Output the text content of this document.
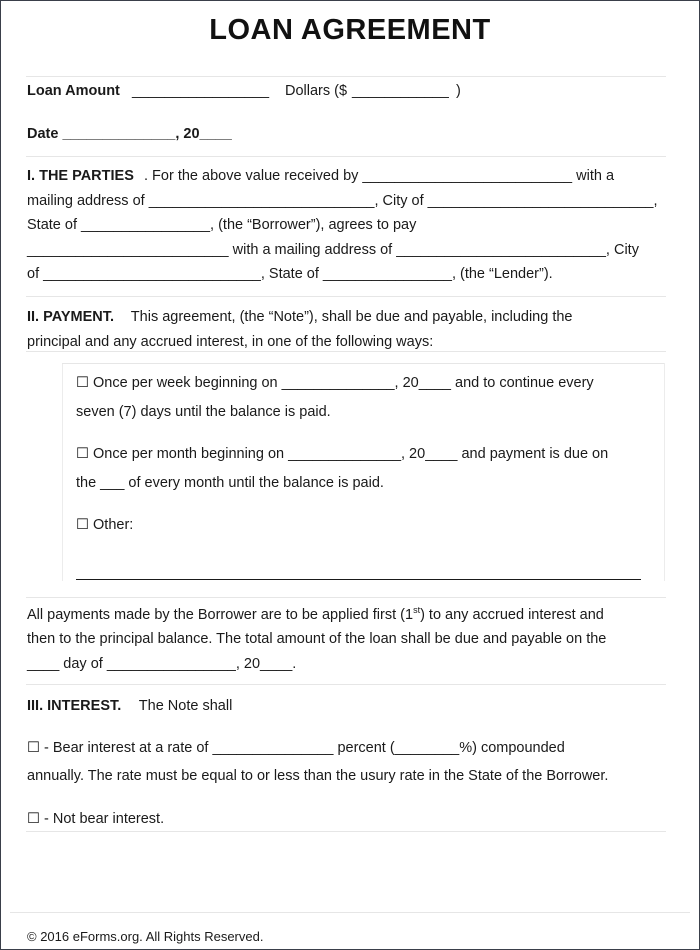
LOAN AGREEMENT
Loan Amount _________________ Dollars ($ ____________ )
Date ______________, 20____
I. THE PARTIES . For the above value received by __________________________ with a
mailing address of ____________________________, City of ____________________________,
State of ________________, (the “Borrower”), agrees to pay
_________________________ with a mailing address of __________________________, City
of ___________________________, State of ________________, (the “Lender”).
II. PAYMENT. This agreement, (the “Note”), shall be due and payable, including the
principal and any accrued interest, in one of the following ways:
☐ Once per week beginning on ______________, 20____ and to continue every
seven (7) days until the balance is paid.
☐ Once per month beginning on ______________, 20____ and payment is due on
the ___ of every month until the balance is paid.
☐ Other:
All payments made by the Borrower are to be applied first (1st) to any accrued interest and
then to the principal balance. The total amount of the loan shall be due and payable on the
____ day of ________________, 20____.
III. INTEREST. The Note shall
☐ - Bear interest at a rate of _______________ percent (________%) compounded
annually. The rate must be equal to or less than the usury rate in the State of the Borrower.
☐ - Not bear interest.
© 2016 eForms.org. All Rights Reserved.
